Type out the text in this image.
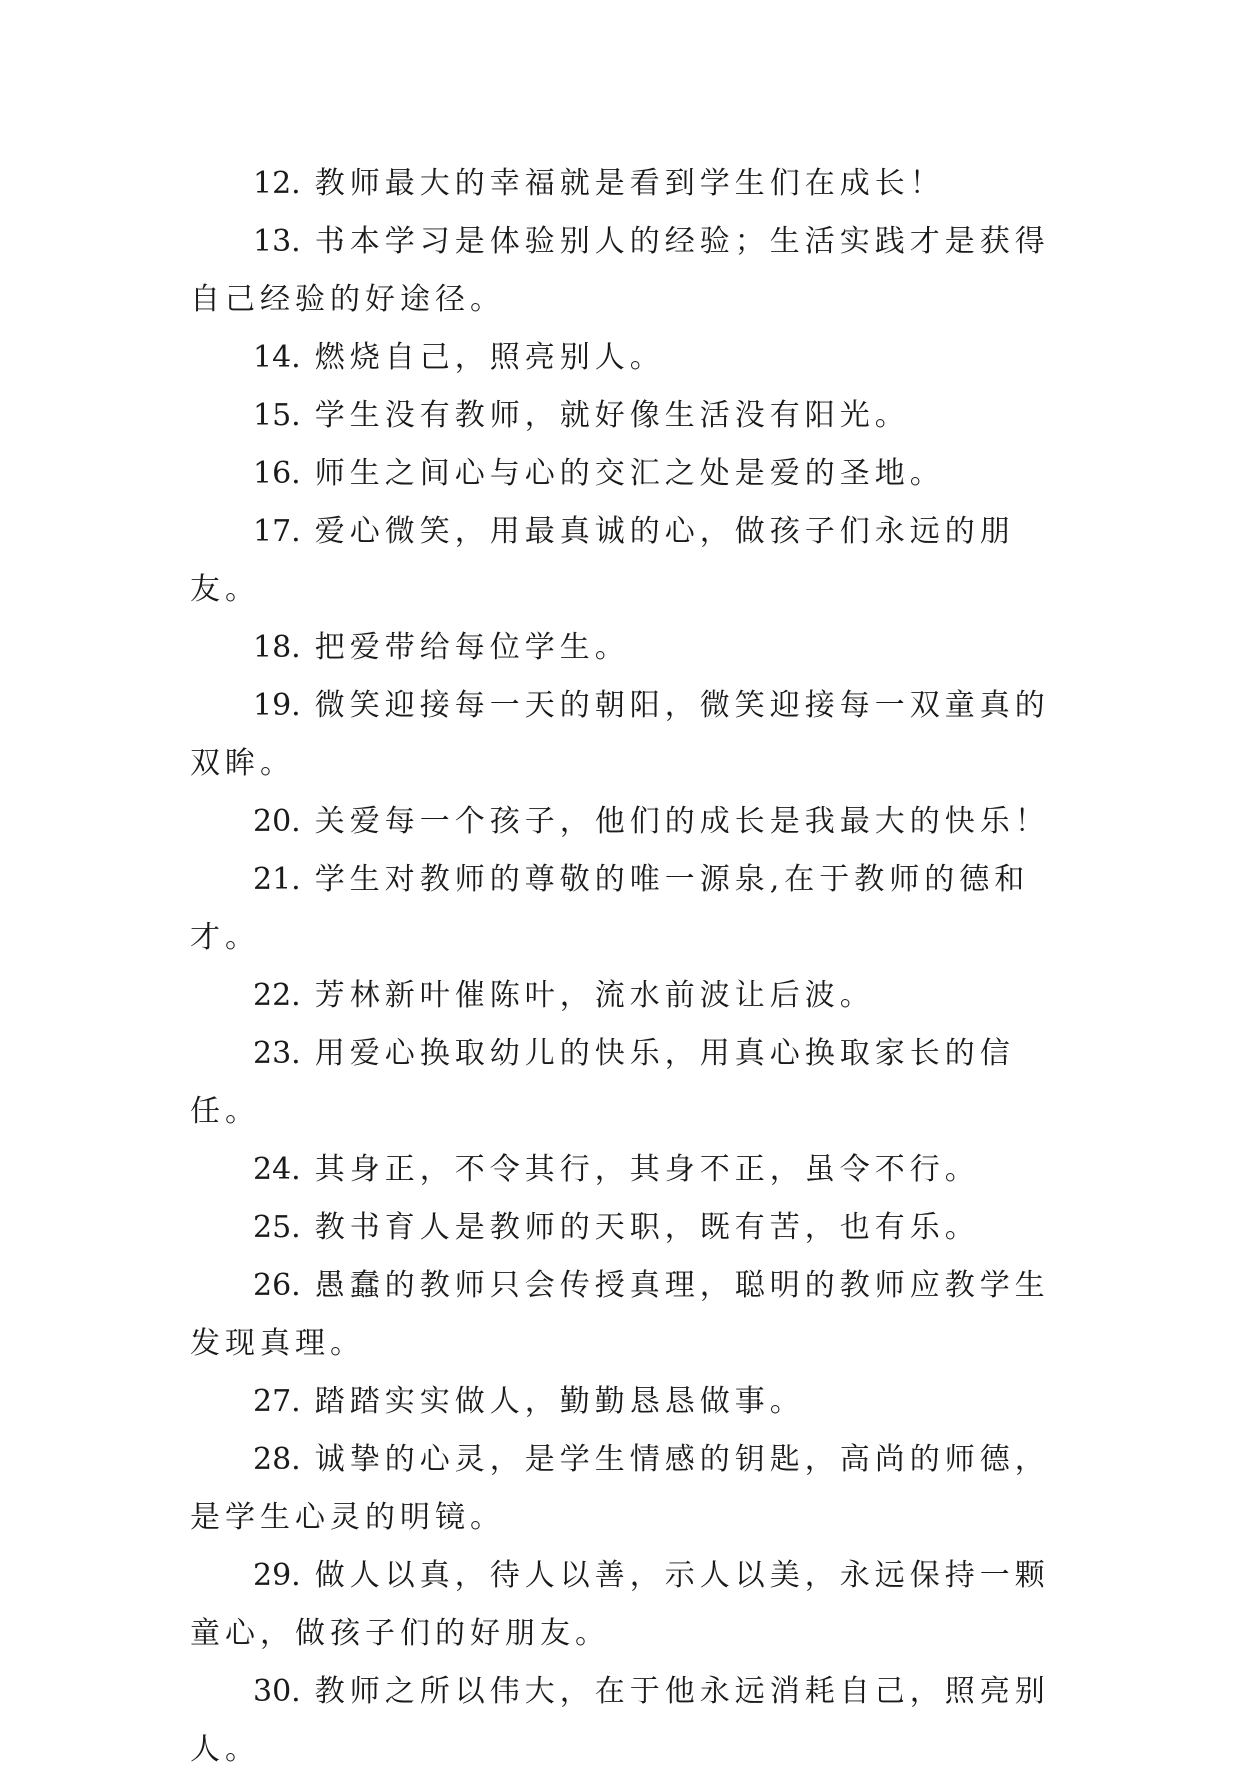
12. 教师最大的幸福就是看到学生们在成长！

13. 书本学习是体验别人的经验；生活实践才是获得自己经验的好途径。

14. 燃烧自己，照亮别人。

15. 学生没有教师，就好像生活没有阳光。

16. 师生之间心与心的交汇之处是爱的圣地。

17. 爱心微笑，用最真诚的心，做孩子们永远的朋友。

18. 把爱带给每位学生。

19. 微笑迎接每一天的朝阳，微笑迎接每一双童真的双眸。

20. 关爱每一个孩子，他们的成长是我最大的快乐！

21. 学生对教师的尊敬的唯一源泉,在于教师的德和才。

22. 芳林新叶催陈叶，流水前波让后波。

23. 用爱心换取幼儿的快乐，用真心换取家长的信任。

24. 其身正，不令其行，其身不正，虽令不行。

25. 教书育人是教师的天职，既有苦，也有乐。

26. 愚蠢的教师只会传授真理，聪明的教师应教学生发现真理。

27. 踏踏实实做人，勤勤恳恳做事。

28. 诚挚的心灵，是学生情感的钥匙，高尚的师德，是学生心灵的明镜。

29. 做人以真，待人以善，示人以美，永远保持一颗童心，做孩子们的好朋友。

30. 教师之所以伟大，在于他永远消耗自己，照亮别人。
